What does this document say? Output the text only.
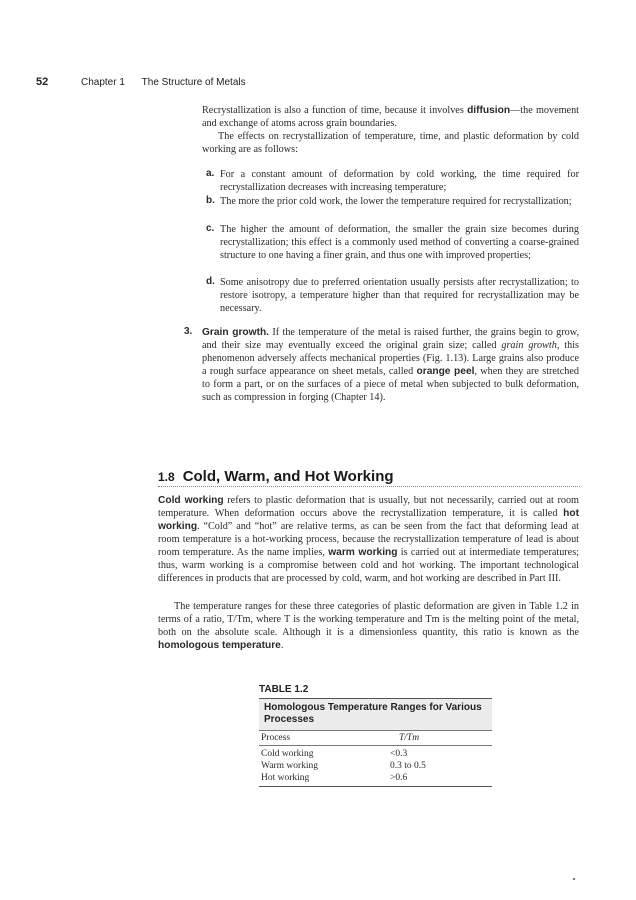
52	Chapter 1 The Structure of Metals

Recrystallization is also a function of time, because it involves diffusion—the movement and exchange of atoms across grain boundaries.

The effects on recrystallization of temperature, time, and plastic deformation by cold working are as follows:

a. For a constant amount of deformation by cold working, the time required for recrystallization decreases with increasing temperature;

b. The more the prior cold work, the lower the temperature required for recrystallization;

c. The higher the amount of deformation, the smaller the grain size becomes during recrystallization; this effect is a commonly used method of converting a coarse-grained structure to one having a finer grain, and thus one with improved properties;

d. Some anisotropy due to preferred orientation usually persists after recrystallization; to restore isotropy, a temperature higher than that required for recrystallization may be necessary.

3. Grain growth. If the temperature of the metal is raised further, the grains begin to grow, and their size may eventually exceed the original grain size; called grain growth, this phenomenon adversely affects mechanical properties (Fig. 1.13). Large grains also produce a rough surface appearance on sheet metals, called orange peel, when they are stretched to form a part, or on the surfaces of a piece of metal when subjected to bulk deformation, such as compression in forging (Chapter 14).

1.8 Cold, Warm, and Hot Working

Cold working refers to plastic deformation that is usually, but not necessarily, carried out at room temperature. When deformation occurs above the recrystallization temperature, it is called hot working. “Cold” and “hot” are relative terms, as can be seen from the fact that deforming lead at room temperature is a hot-working process, because the recrystallization temperature of lead is about room temperature. As the name implies, warm working is carried out at intermediate temperatures; thus, warm working is a compromise between cold and hot working. The important technological differences in products that are processed by cold, warm, and hot working are described in Part III.

The temperature ranges for these three categories of plastic deformation are given in Table 1.2 in terms of a ratio, T/Tm, where T is the working temperature and Tm is the melting point of the metal, both on the absolute scale. Although it is a dimensionless quantity, this ratio is known as the homologous temperature.

TABLE 1.2
Homologous Temperature Ranges for Various Processes
Process	T/Tm
Cold working	<0.3
Warm working	0.3 to 0.5
Hot working	>0.6
